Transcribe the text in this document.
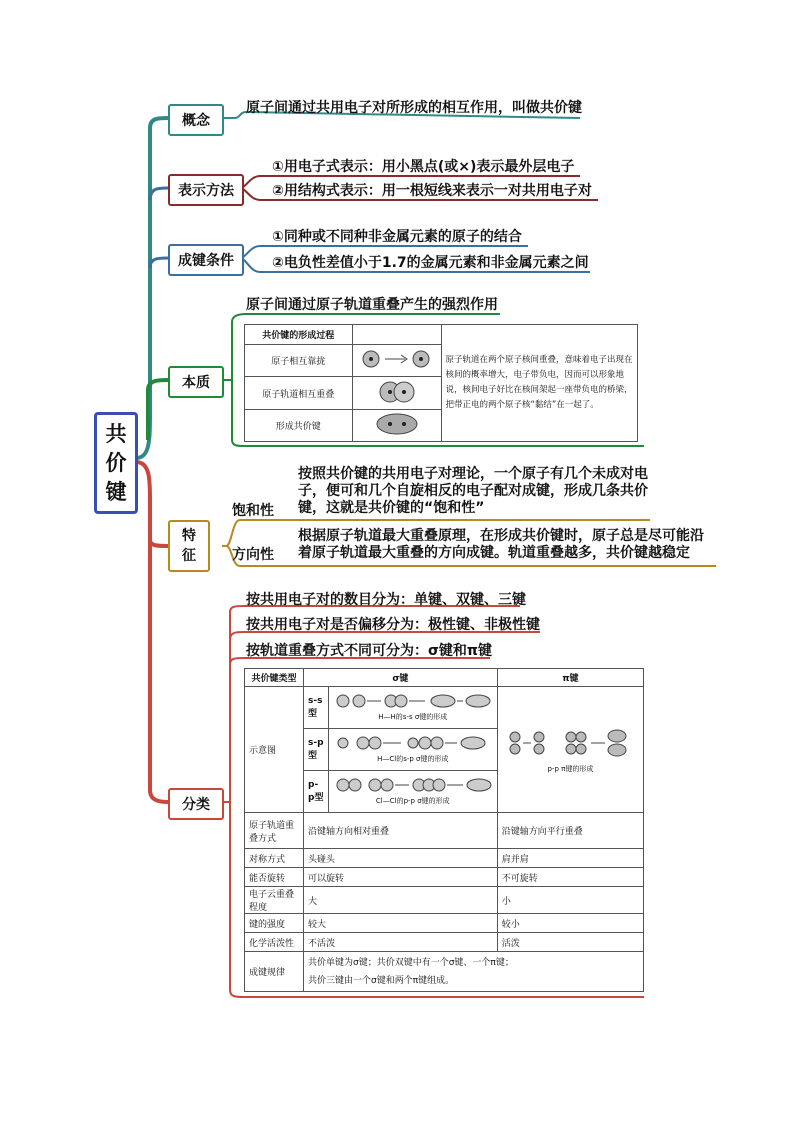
共
价
键
概念
原子间通过共用电子对所形成的相互作用，叫做共价键
表示方法
①用电子式表示：用小黑点(或×)表示最外层电子
②用结构式表示：用一根短线来表示一对共用电子对
成键条件
①同种或不同种非金属元素的原子的结合
②电负性差值小于1.7的金属元素和非金属元素之间
本质
原子间通过原子轨道重叠产生的强烈作用
共价键的形成过程		原子轨道在两个原子核间重叠，意味着电子出现在核间的概率增大，电子带负电，因而可以形象地说，核间电子好比在核间架起一座带负电的桥梁，把带正电的两个原子核“黏结”在一起了。
原子相互靠拢	
原子轨道相互重叠	
形成共价键	
特
征
饱和性
按照共价键的共用电子对理论，一个原子有几个未成对电
子，便可和几个自旋相反的电子配对成键，形成几条共价
键，这就是共价键的“饱和性”
方向性
根据原子轨道最大重叠原理，在形成共价键时，原子总是尽可能沿
着原子轨道最大重叠的方向成键。轨道重叠越多，共价键越稳定
分类
按共用电子对的数目分为：单键、双键、三键
按共用电子对是否偏移分为：极性键、非极性键
按轨道重叠方式不同可分为：σ键和π键
共价键类型	σ键		π键
示意图	s-s型	H—H的s-s σ键的形成	p-p π键的形成

	s-p型	H—Cl的s-p σ键的形成	

	p-p型	Cl—Cl的p-p σ键的形成	

原子轨道重叠方式	沿键轴方向相对重叠		沿键轴方向平行重叠
对称方式	头碰头		肩并肩
能否旋转	可以旋转		不可旋转
电子云重叠程度	大		小
键的强度	较大		较小
化学活泼性	不活泼		活泼
成键规律	共价单键为σ键；共价双键中有一个σ键、一个π键；
共价三键由一个σ键和两个π键组成。		
